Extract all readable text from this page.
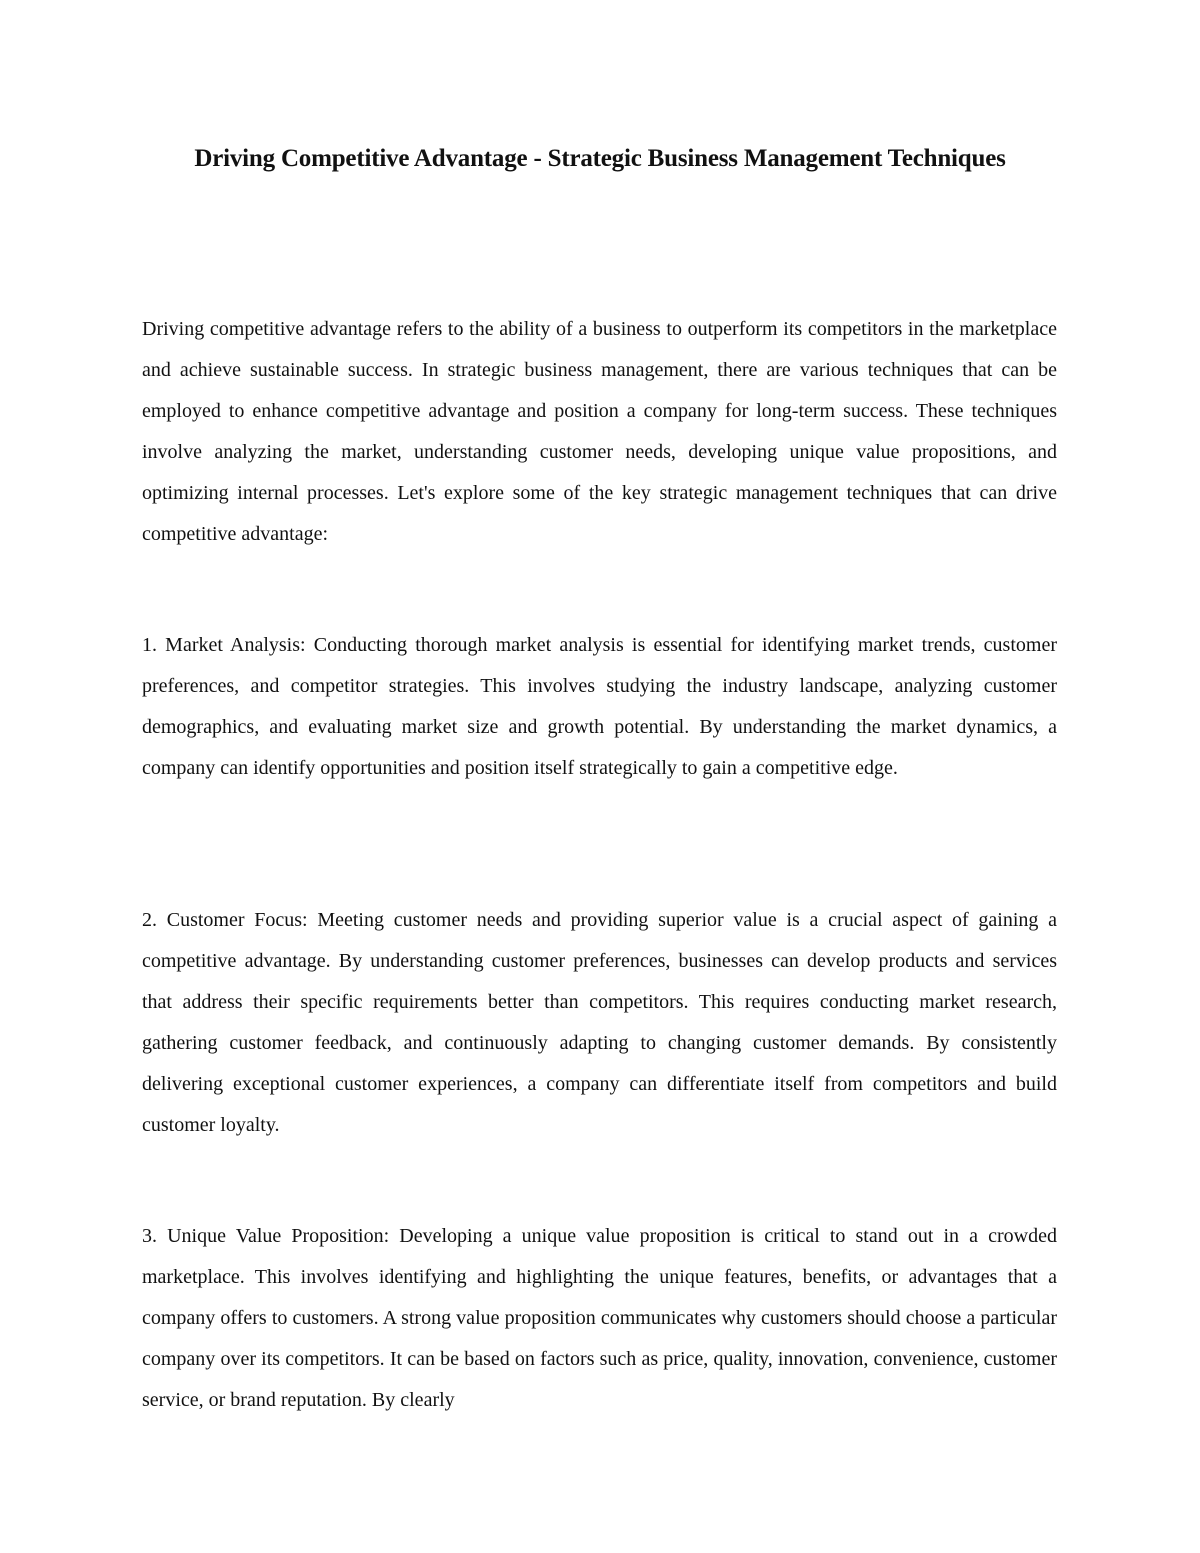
Driving Competitive Advantage - Strategic Business Management Techniques

Driving competitive advantage refers to the ability of a business to outperform its competitors in the marketplace and achieve sustainable success. In strategic business management, there are various techniques that can be employed to enhance competitive advantage and position a company for long-term success. These techniques involve analyzing the market, understanding customer needs, developing unique value propositions, and optimizing internal processes. Let's explore some of the key strategic management techniques that can drive competitive advantage:

1. Market Analysis: Conducting thorough market analysis is essential for identifying market trends, customer preferences, and competitor strategies. This involves studying the industry landscape, analyzing customer demographics, and evaluating market size and growth potential. By understanding the market dynamics, a company can identify opportunities and position itself strategically to gain a competitive edge.

2. Customer Focus: Meeting customer needs and providing superior value is a crucial aspect of gaining a competitive advantage. By understanding customer preferences, businesses can develop products and services that address their specific requirements better than competitors. This requires conducting market research, gathering customer feedback, and continuously adapting to changing customer demands. By consistently delivering exceptional customer experiences, a company can differentiate itself from competitors and build customer loyalty.

3. Unique Value Proposition: Developing a unique value proposition is critical to stand out in a crowded marketplace. This involves identifying and highlighting the unique features, benefits, or advantages that a company offers to customers. A strong value proposition communicates why customers should choose a particular company over its competitors. It can be based on factors such as price, quality, innovation, convenience, customer service, or brand reputation. By clearly
